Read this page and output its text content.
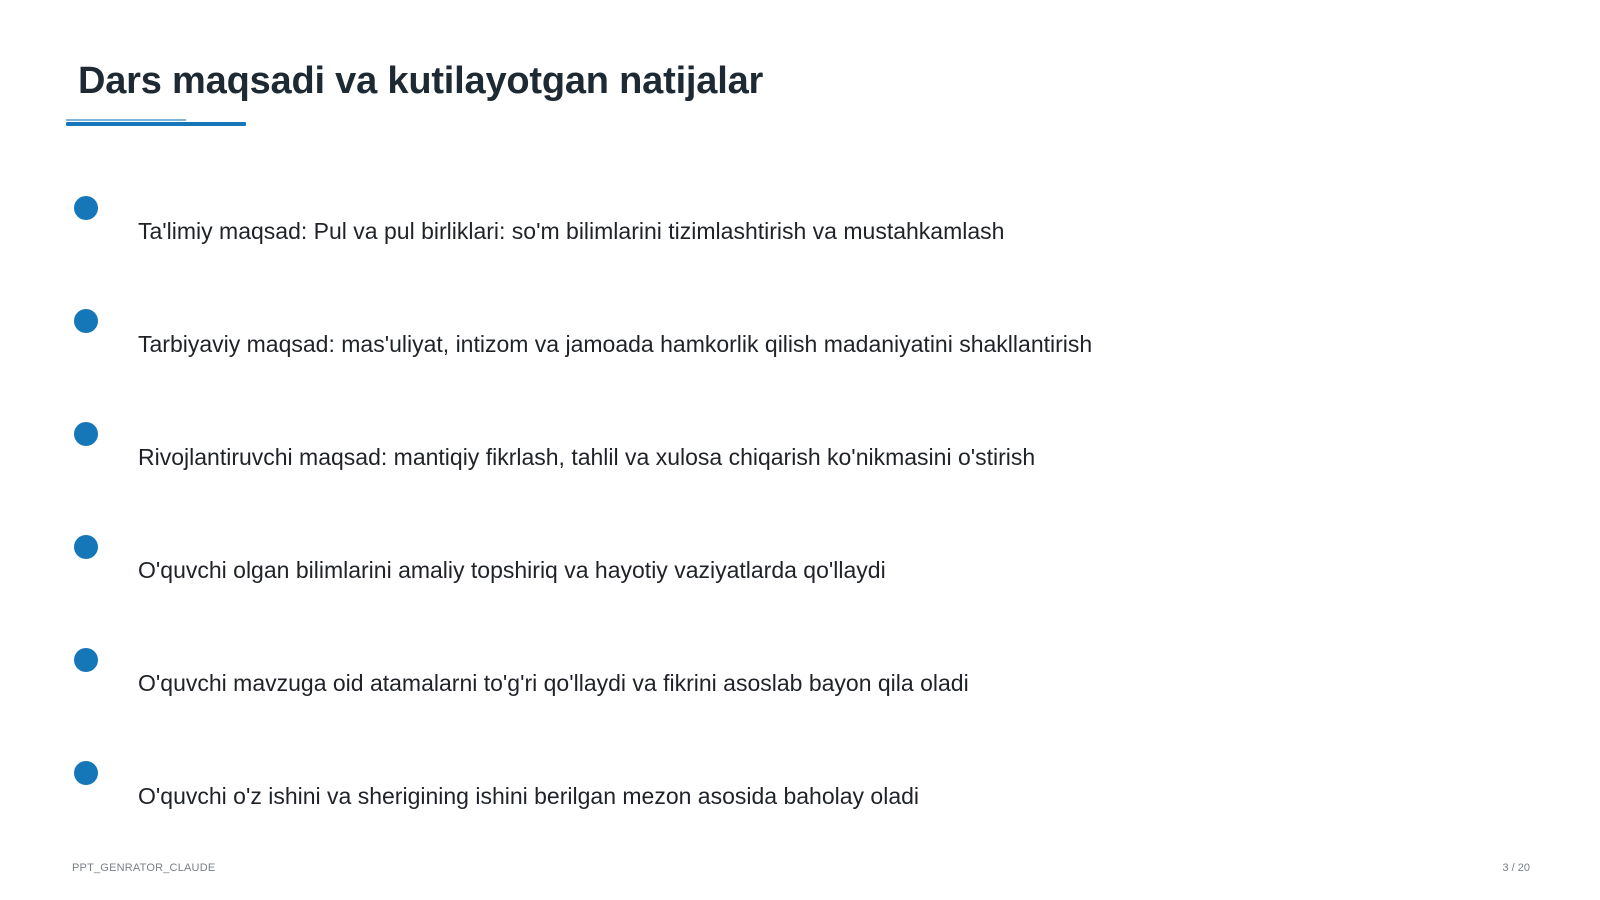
Dars maqsadi va kutilayotgan natijalar
Ta'limiy maqsad: Pul va pul birliklari: so'm bilimlarini tizimlashtirish va mustahkamlash
Tarbiyaviy maqsad: mas'uliyat, intizom va jamoada hamkorlik qilish madaniyatini shakllantirish
Rivojlantiruvchi maqsad: mantiqiy fikrlash, tahlil va xulosa chiqarish ko'nikmasini o'stirish
O'quvchi olgan bilimlarini amaliy topshiriq va hayotiy vaziyatlarda qo'llaydi
O'quvchi mavzuga oid atamalarni to'g'ri qo'llaydi va fikrini asoslab bayon qila oladi
O'quvchi o'z ishini va sherigining ishini berilgan mezon asosida baholay oladi
PPT_GENRATOR_CLAUDE	3 / 20
